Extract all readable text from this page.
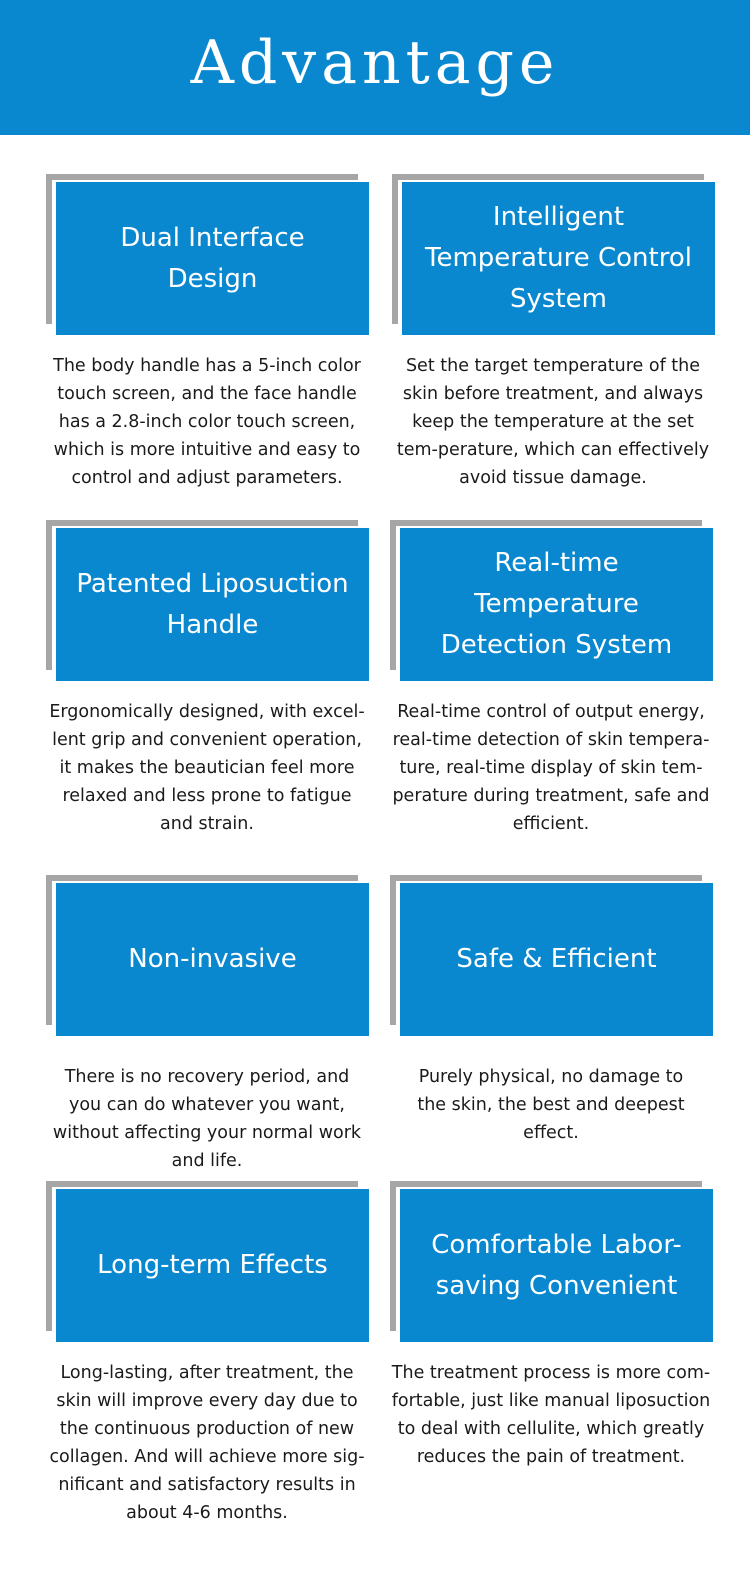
Advantage
Dual Interface Design
The body handle has a 5-inch color touch screen, and the face handle has a 2.8-inch color touch screen, which is more intuitive and easy to control and adjust parameters.
Intelligent Temperature Control System
Set the target temperature of the skin before treatment, and always keep the temperature at the set tem-perature, which can effectively avoid tissue damage.
Patented Liposuction Handle
Ergonomically designed, with excel-lent grip and convenient operation, it makes the beautician feel more relaxed and less prone to fatigue and strain.
Real-time Temperature Detection System
Real-time control of output energy, real-time detection of skin tempera-ture, real-time display of skin tem-perature during treatment, safe and efficient.
Non-invasive
There is no recovery period, and you can do whatever you want, without affecting your normal work and life.
Safe & Efficient
Purely physical, no damage to the skin, the best and deepest effect.
Long-term Effects
Long-lasting, after treatment, the skin will improve every day due to the continuous production of new collagen. And will achieve more sig-nificant and satisfactory results in about 4-6 months.
Comfortable Labor-saving Convenient
The treatment process is more com-fortable, just like manual liposuction to deal with cellulite, which greatly reduces the pain of treatment.
